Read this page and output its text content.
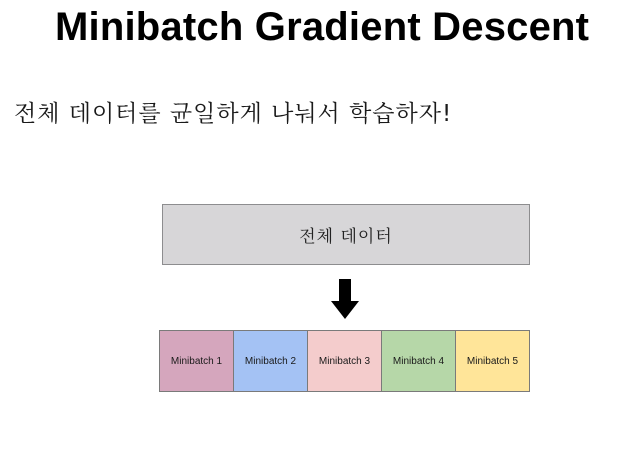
Minibatch Gradient Descent

전체 데이터를 균일하게 나눠서 학습하자!

전체 데이터
Minibatch 1 Minibatch 2 Minibatch 3 Minibatch 4 Minibatch 5
